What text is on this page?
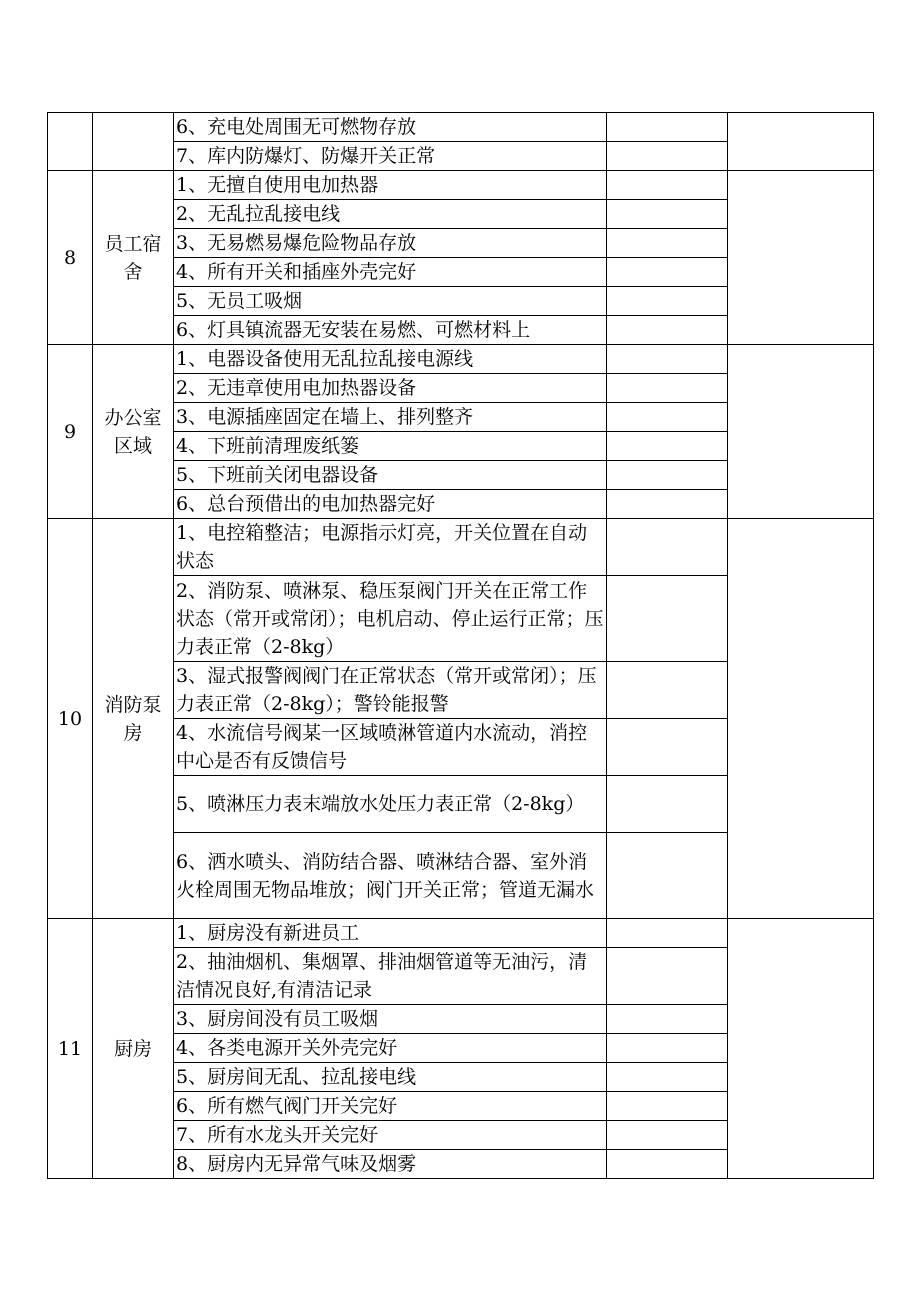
		6、充电处周围无可燃物存放		
		7、库内防爆灯、防爆开关正常		
8	员工宿舍	1、无擅自使用电加热器		
		2、无乱拉乱接电线		
		3、无易燃易爆危险物品存放		
		4、所有开关和插座外壳完好		
		5、无员工吸烟		
		6、灯具镇流器无安装在易燃、可燃材料上		
9	办公室区域	1、电器设备使用无乱拉乱接电源线		
		2、无违章使用电加热器设备		
		3、电源插座固定在墙上、排列整齐		
		4、下班前清理废纸篓		
		5、下班前关闭电器设备		
		6、总台预借出的电加热器完好		
10	消防泵房	1、电控箱整洁；电源指示灯亮，开关位置在自动状态		
		2、消防泵、喷淋泵、稳压泵阀门开关在正常工作状态（常开或常闭）；电机启动、停止运行正常；压力表正常（2-8kg）		
		3、湿式报警阀阀门在正常状态（常开或常闭）；压力表正常（2-8kg）；警铃能报警		
		4、水流信号阀某一区域喷淋管道内水流动，消控中心是否有反馈信号		
		5、喷淋压力表末端放水处压力表正常（2-8kg）		
		6、洒水喷头、消防结合器、喷淋结合器、室外消火栓周围无物品堆放；阀门开关正常；管道无漏水		
11	厨房	1、厨房没有新进员工		
		2、抽油烟机、集烟罩、排油烟管道等无油污，清洁情况良好,有清洁记录		
		3、厨房间没有员工吸烟		
		4、各类电源开关外壳完好		
		5、厨房间无乱、拉乱接电线		
		6、所有燃气阀门开关完好		
		7、所有水龙头开关完好		
		8、厨房内无异常气味及烟雾		
